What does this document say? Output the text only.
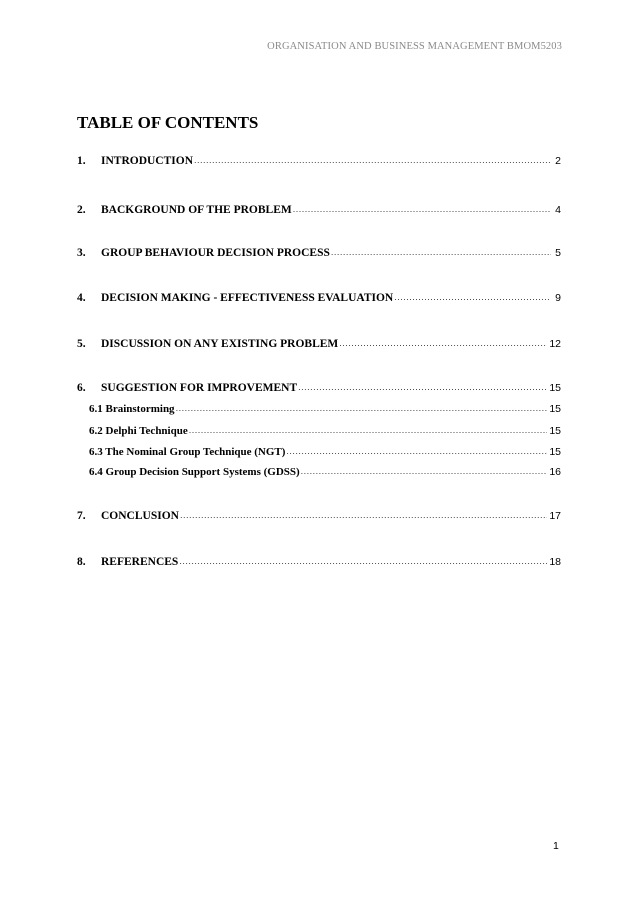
ORGANISATION AND BUSINESS MANAGEMENT BMOM5203
TABLE OF CONTENTS
1.	INTRODUCTION .....	2
2.	BACKGROUND OF THE PROBLEM .....	4
3.	GROUP BEHAVIOUR DECISION PROCESS .....	5
4.	DECISION MAKING - EFFECTIVENESS EVALUATION .....	9
5.	DISCUSSION ON ANY EXISTING PROBLEM .....	12
6.	SUGGESTION FOR IMPROVEMENT .....	15
6.1 Brainstorming .....	15
6.2 Delphi Technique .....	15
6.3 The Nominal Group Technique (NGT) .....	15
6.4 Group Decision Support Systems (GDSS) .....	16
7.	CONCLUSION .....	17
8.	REFERENCES .....	18
1
